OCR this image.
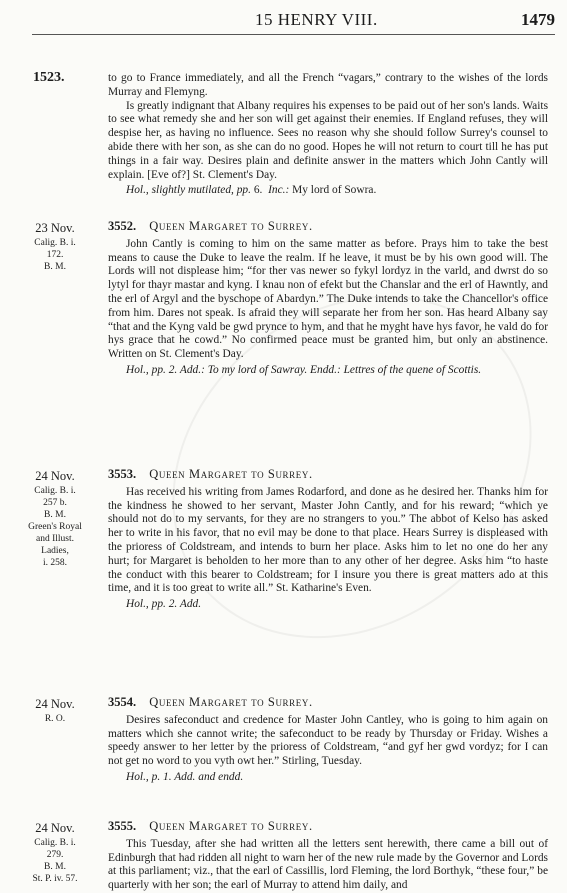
15 HENRY VIII.	1479
1523.	to go to France immediately, and all the French “vagars,” contrary to the wishes of the lords Murray and Flemyng.

Is greatly indignant that Albany requires his expenses to be paid out of her son's lands. Waits to see what remedy she and her son will get against their enemies. If England refuses, they will despise her, as having no influence. Sees no reason why she should follow Surrey's counsel to abide there with her son, as she can do no good. Hopes he will not return to court till he has put things in a fair way. Desires plain and definite answer in the matters which John Cantly will explain. [Eve of?] St. Clement's Day.

Hol., slightly mutilated, pp. 6. Inc.: My lord of Sowra.

23 Nov.
Calig. B. i.
172.
B. M.
3552. Queen Margaret to Surrey.

John Cantly is coming to him on the same matter as before. Prays him to take the best means to cause the Duke to leave the realm. If he leave, it must be by his own good will. The Lords will not displease him; “for ther vas newer so fykyl lordyz in the varld, and dwrst do so lytyl for thayr mastar and kyng. I knau non of efekt but the Chanslar and the erl of Hawntly, and the erl of Argyl and the byschope of Abardyn.” The Duke intends to take the Chancellor's office from him. Dares not speak. Is afraid they will separate her from her son. Has heard Albany say “that and the Kyng vald be gwd prynce to hym, and that he myght have hys favor, he vald do for hys grace that he cowd.” No confirmed peace must be granted him, but only an abstinence. Written on St. Clement's Day.

Hol., pp. 2. Add.: To my lord of Sawray. Endd.: Lettres of the quene of Scottis.

24 Nov.
Calig. B. i.
257 b.
B. M.
Green's Royal
and Illust.
Ladies,
i. 258.
3553. Queen Margaret to Surrey.

Has received his writing from James Rodarford, and done as he desired her. Thanks him for the kindness he showed to her servant, Master John Cantly, and for his reward; “which ye should not do to my servants, for they are no strangers to you.” The abbot of Kelso has asked her to write in his favor, that no evil may be done to that place. Hears Surrey is displeased with the prioress of Coldstream, and intends to burn her place. Asks him to let no one do her any hurt; for Margaret is beholden to her more than to any other of her degree. Asks him “to haste the conduct with this bearer to Coldstream; for I insure you there is great matters ado at this time, and it is too great to write all.” St. Katharine's Even.

Hol., pp. 2. Add.

24 Nov.
R. O.
3554. Queen Margaret to Surrey.

Desires safeconduct and credence for Master John Cantley, who is going to him again on matters which she cannot write; the safeconduct to be ready by Thursday or Friday. Wishes a speedy answer to her letter by the prioress of Coldstream, “and gyf her gwd vordyz; for I can not get no word to you vyth owt her.” Stirling, Tuesday.

Hol., p. 1. Add. and endd.

24 Nov.
Calig. B. i.
279.
B. M.
St. P. iv. 57.
3555. Queen Margaret to Surrey.

This Tuesday, after she had written all the letters sent herewith, there came a bill out of Edinburgh that had ridden all night to warn her of the new rule made by the Governor and Lords at this parliament; viz., that the earl of Cassillis, lord Fleming, the lord Borthyk, “these four,” be quarterly with her son; the earl of Murray to attend him daily, and
